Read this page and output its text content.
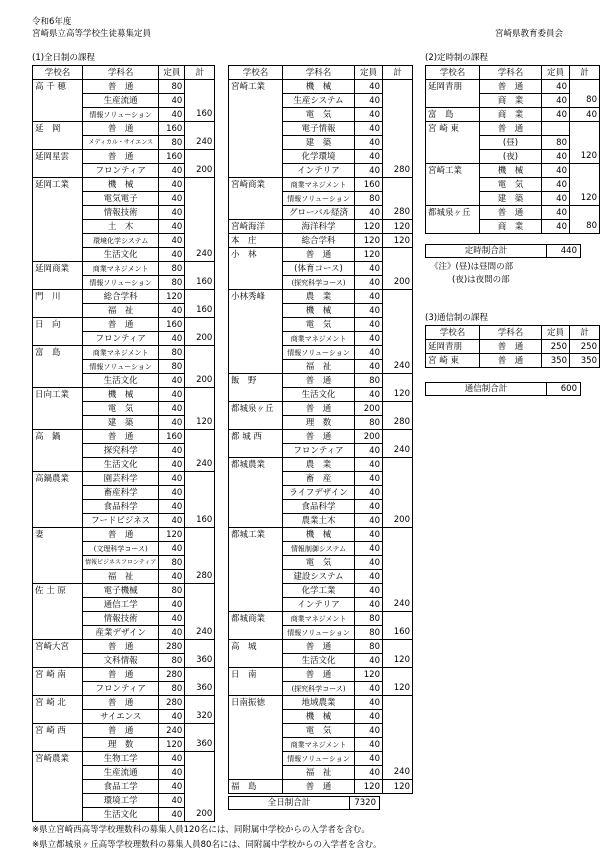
令和6年度
宮崎県立高等学校生徒募集定員	宮崎県教育委員会
(1)全日制の課程	(2)定時制の課程
学校名	学科名	定員	計
高 千 穂	普　通	80	
	生産流通	40	
	情報ソリューション	40	160
延　岡	普　通	160	
	メディカル・サイエンス	80	240
延岡星雲	普　通	160	
	フロンティア	40	200
延岡工業	機　械	40	
	電気電子	40	
	情報技術	40	
	土　木	40	
	環境化学システム	40	
	生活文化	40	240
延岡商業	商業マネジメント	80	
	情報ソリューション	80	160
門　川	総合学科	120	
	福　祉	40	160
日　向	普　通	160	
	フロンティア	40	200
富　島	商業マネジメント	80	
	情報ソリューション	80	
	生活文化	40	200
日向工業	機　械	40	
	電　気	40	
	建　築	40	120
高　鍋	普　通	160	
	探究科学	40	
	生活文化	40	240
高鍋農業	園芸科学	40	
	畜産科学	40	
	食品科学	40	
	フードビジネス	40	160
妻	普　通	120	
	(文理科学コース)	40	
	情報ビジネスフロンティア	80	
	福　祉	40	280
佐 土 原	電子機械	80	
	通信工学	40	
	情報技術	40	
	産業デザイン	40	240
宮崎大宮	普　通	280	
	文科情報	80	360
宮 崎 南	普　通	280	
	フロンティア	80	360
宮 崎 北	普　通	280	
	サイエンス	40	320
宮 崎 西	普　通	240	
	理　数	120	360
宮崎農業	生物工学	40	
	生産流通	40	
	食品工学	40	
	環境工学	40	
	生活文化	40	200
学校名	学科名	定員	計
宮崎工業	機　械	40	
	生産システム	40	
	電　気	40	
	電子情報	40	
	建　築	40	
	化学環境	40	
	インテリア	40	280
宮崎商業	商業マネジメント	160	
	情報ソリューション	80	
	グローバル経済	40	280
宮崎海洋	海洋科学	120	120
本　庄	総合学科	120	120
小　林	普　通	120	
	(体育コース)	40	
	(探究科学コース)	40	200
小林秀峰	農　業	40	
	機　械	40	
	電　気	40	
	商業マネジメント	40	
	情報ソリューション	40	
	福　祉	40	240
飯　野	普　通	80	
	生活文化	40	120
都城泉ヶ丘	普　通	200	
	理　数	80	280
都 城 西	普　通	200	
	フロンティア	40	240
都城農業	農　業	40	
	畜　産	40	
	ライフデザイン	40	
	食品科学	40	
	農業土木	40	200
都城工業	機　械	40	
	情報制御システム	40	
	電　気	40	
	建設システム	40	
	化学工業	40	
	インテリア	40	240
都城商業	商業マネジメント	80	
	情報ソリューション	80	160
高　城	普　通	80	
	生活文化	40	120
日　南	普　通	120	
	(探究科学コース)	40	120
日南振徳	地域農業	40	
	機　械	40	
	電　気	40	
	商業マネジメント	40	
	情報ソリューション	40	
	福　祉	40	240
福　島	普　通	120	120
学校名	学科名	定員	計
延岡青朋	普　通	40	
	商　業	40	80
富　島	商　業	40	40
宮 崎 東	普　通		
	(昼)	80	
	(夜)	40	120
宮崎工業	機　械	40	
	電　気	40	
	建　築	40	120
都城泉ヶ丘	普　通	40	
	商　業	40	80
定時制合計	440
《注》(昼)は昼間の部
(夜)は夜間の部
(3)通信制の課程
学校名	学科名	定員	計
延岡青朋	普　通	250	250
宮 崎 東	普　通	350	350
通信制合計	600
全日制合計	7320
※県立宮崎西高等学校理数科の募集人員120名には、同附属中学校からの入学者を含む。
※県立都城泉ヶ丘高等学校理数科の募集人員80名には、同附属中学校からの入学者を含む。
